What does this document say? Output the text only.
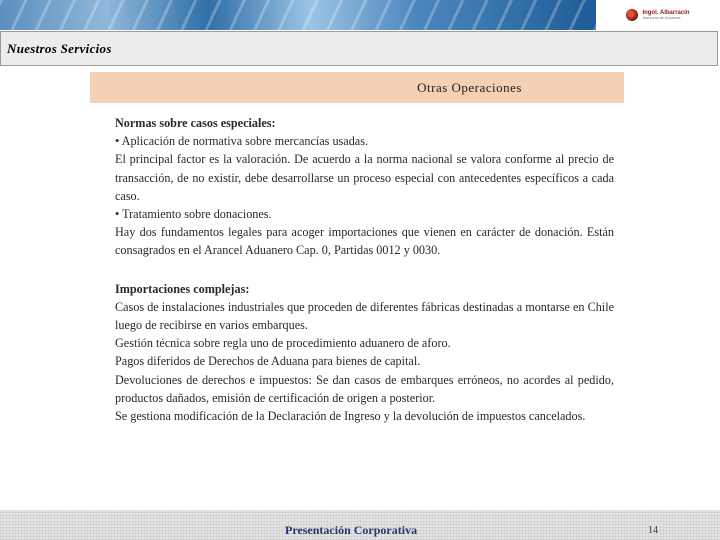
Ingol. Albarracín
Asesoría de Aduanas
Nuestros Servicios
Otras Operaciones

Normas sobre casos especiales:

• Aplicación de normativa sobre mercancías usadas.

El principal factor es la valoración. De acuerdo a la norma nacional se valora conforme al precio de transacción, de no existir, debe desarrollarse un proceso especial con antecedentes específicos a cada caso.

• Tratamiento sobre donaciones.

Hay dos fundamentos legales para acoger importaciones que vienen en carácter de donación. Están consagrados en el Arancel Aduanero Cap. 0, Partidas 0012 y 0030.

Importaciones complejas:

Casos de instalaciones industriales que proceden de diferentes fábricas destinadas a montarse en Chile luego de recibirse en varios embarques.

Gestión técnica sobre regla uno de procedimiento aduanero de aforo.

Pagos diferidos de Derechos de Aduana para bienes de capital.

Devoluciones de derechos e impuestos: Se dan casos de embarques erróneos, no acordes al pedido, productos dañados, emisión de certificación de origen a posterior.

Se gestiona modificación de la Declaración de Ingreso y la devolución de impuestos cancelados.

Presentación Corporativa	14
